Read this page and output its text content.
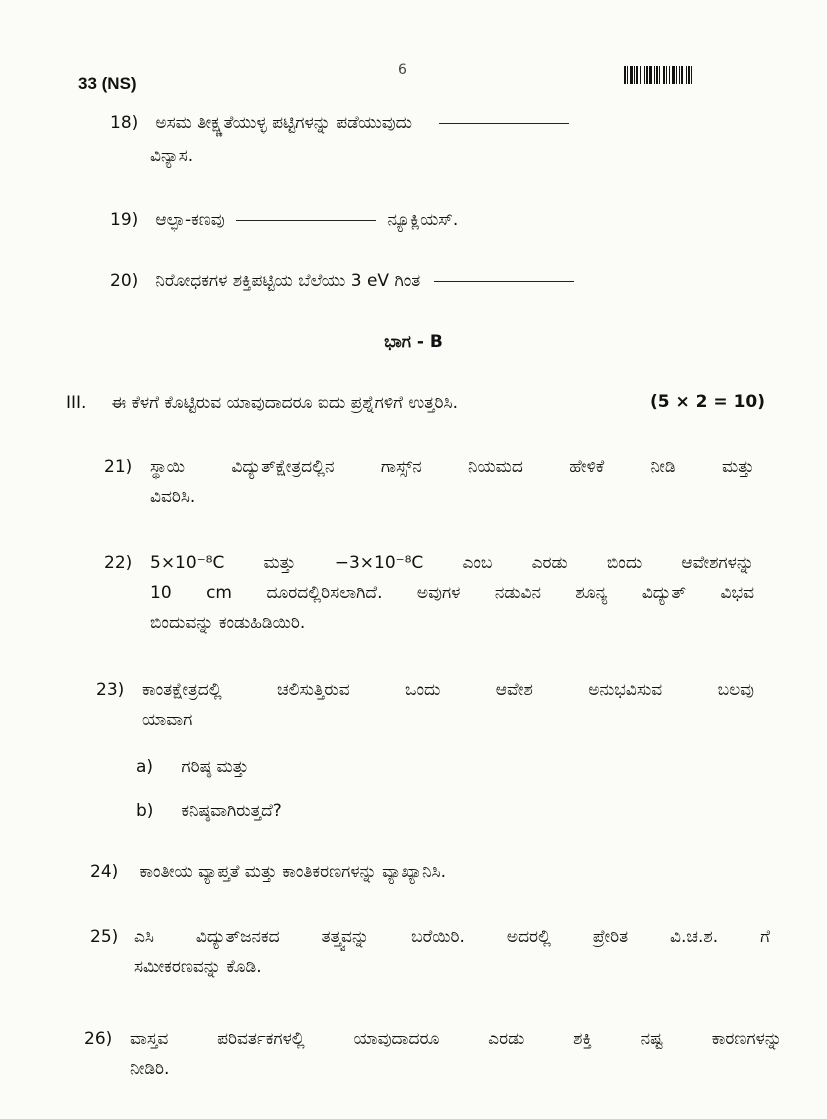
33 (NS)
6
18) ಅಸಮ ತೀಕ್ಷ್ಣತೆಯುಳ್ಳ ಪಟ್ಟಿಗಳನ್ನು ಪಡೆಯುವುದು
ವಿನ್ಯಾಸ.
19) ಆಲ್ಫಾ-ಕಣವು	ನ್ಯೂಕ್ಲಿಯಸ್.
20) ನಿರೋಧಕಗಳ ಶಕ್ತಿಪಟ್ಟಿಯ ಬೆಲೆಯು 3 eV ಗಿಂತ
ಭಾಗ - B
III. ಈ ಕೆಳಗೆ ಕೊಟ್ಟಿರುವ ಯಾವುದಾದರೂ ಐದು ಪ್ರಶ್ನೆಗಳಿಗೆ ಉತ್ತರಿಸಿ.	(5 × 2 = 10)
21)	ಸ್ಥಾಯಿ ವಿದ್ಯುತ್‌ಕ್ಷೇತ್ರದಲ್ಲಿನ ಗಾಸ್ಸ್‌ನ ನಿಯಮದ ಹೇಳಿಕೆ ನೀಡಿ ಮತ್ತು
ವಿವರಿಸಿ.
22)	5×10⁻⁸C ಮತ್ತು −3×10⁻⁸C ಎಂಬ ಎರಡು ಬಿಂದು ಆವೇಶಗಳನ್ನು
10 cm ದೂರದಲ್ಲಿರಿಸಲಾಗಿದೆ. ಅವುಗಳ ನಡುವಿನ ಶೂನ್ಯ ವಿದ್ಯುತ್ ವಿಭವ
ಬಿಂದುವನ್ನು ಕಂಡುಹಿಡಿಯಿರಿ.
23)	ಕಾಂತಕ್ಷೇತ್ರದಲ್ಲಿ ಚಲಿಸುತ್ತಿರುವ ಒಂದು ಆವೇಶ ಅನುಭವಿಸುವ ಬಲವು
ಯಾವಾಗ
a) ಗರಿಷ್ಠ ಮತ್ತು
b) ಕನಿಷ್ಠವಾಗಿರುತ್ತದೆ?
24) ಕಾಂತೀಯ ವ್ಯಾಪ್ತತೆ ಮತ್ತು ಕಾಂತಿಕರಣಗಳನ್ನು ವ್ಯಾಖ್ಯಾನಿಸಿ.
25) ಎಸಿ ವಿದ್ಯುತ್‌ಜನಕದ ತತ್ತ್ವವನ್ನು ಬರೆಯಿರಿ. ಅದರಲ್ಲಿ ಪ್ರೇರಿತ ವಿ.ಚ.ಶ. ಗೆ
ಸಮೀಕರಣವನ್ನು ಕೊಡಿ.
26)	ವಾಸ್ತವ ಪರಿವರ್ತಕಗಳಲ್ಲಿ ಯಾವುದಾದರೂ ಎರಡು ಶಕ್ತಿ ನಷ್ಟ ಕಾರಣಗಳನ್ನು
ನೀಡಿರಿ.
